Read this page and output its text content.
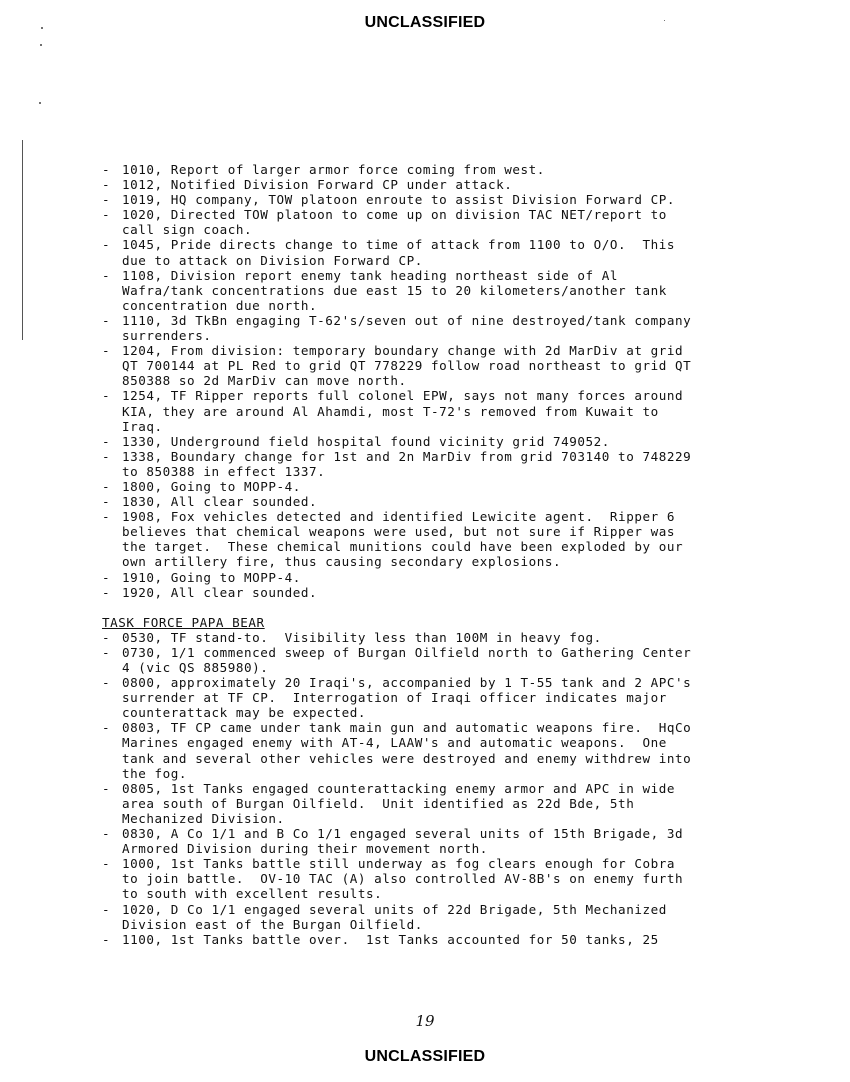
UNCLASSIFIED
- 1010, Report of larger armor force coming from west.
- 1012, Notified Division Forward CP under attack.
- 1019, HQ company, TOW platoon enroute to assist Division Forward CP.
- 1020, Directed TOW platoon to come up on division TAC NET/report to
call sign coach.
- 1045, Pride directs change to time of attack from 1100 to O/O.  This
due to attack on Division Forward CP.
- 1108, Division report enemy tank heading northeast side of Al
Wafra/tank concentrations due east 15 to 20 kilometers/another tank
concentration due north.
- 1110, 3d TkBn engaging T-62's/seven out of nine destroyed/tank company
surrenders.
- 1204, From division: temporary boundary change with 2d MarDiv at grid
QT 700144 at PL Red to grid QT 778229 follow road northeast to grid QT
850388 so 2d MarDiv can move north.
- 1254, TF Ripper reports full colonel EPW, says not many forces around
KIA, they are around Al Ahamdi, most T-72's removed from Kuwait to
Iraq.
- 1330, Underground field hospital found vicinity grid 749052.
- 1338, Boundary change for 1st and 2n MarDiv from grid 703140 to 748229
to 850388 in effect 1337.
- 1800, Going to MOPP-4.
- 1830, All clear sounded.
- 1908, Fox vehicles detected and identified Lewicite agent.  Ripper 6
believes that chemical weapons were used, but not sure if Ripper was
the target.  These chemical munitions could have been exploded by our
own artillery fire, thus causing secondary explosions.
- 1910, Going to MOPP-4.
- 1920, All clear sounded.
TASK FORCE PAPA BEAR
- 0530, TF stand-to.  Visibility less than 100M in heavy fog.
- 0730, 1/1 commenced sweep of Burgan Oilfield north to Gathering Center
4 (vic QS 885980).
- 0800, approximately 20 Iraqi's, accompanied by 1 T-55 tank and 2 APC's
surrender at TF CP.  Interrogation of Iraqi officer indicates major
counterattack may be expected.
- 0803, TF CP came under tank main gun and automatic weapons fire.  HqCo
Marines engaged enemy with AT-4, LAAW's and automatic weapons.  One
tank and several other vehicles were destroyed and enemy withdrew into
the fog.
- 0805, 1st Tanks engaged counterattacking enemy armor and APC in wide
area south of Burgan Oilfield.  Unit identified as 22d Bde, 5th
Mechanized Division.
- 0830, A Co 1/1 and B Co 1/1 engaged several units of 15th Brigade, 3d
Armored Division during their movement north.
- 1000, 1st Tanks battle still underway as fog clears enough for Cobra
to join battle.  OV-10 TAC (A) also controlled AV-8B's on enemy furth
to south with excellent results.
- 1020, D Co 1/1 engaged several units of 22d Brigade, 5th Mechanized
Division east of the Burgan Oilfield.
- 1100, 1st Tanks battle over.  1st Tanks accounted for 50 tanks, 25
19
UNCLASSIFIED
